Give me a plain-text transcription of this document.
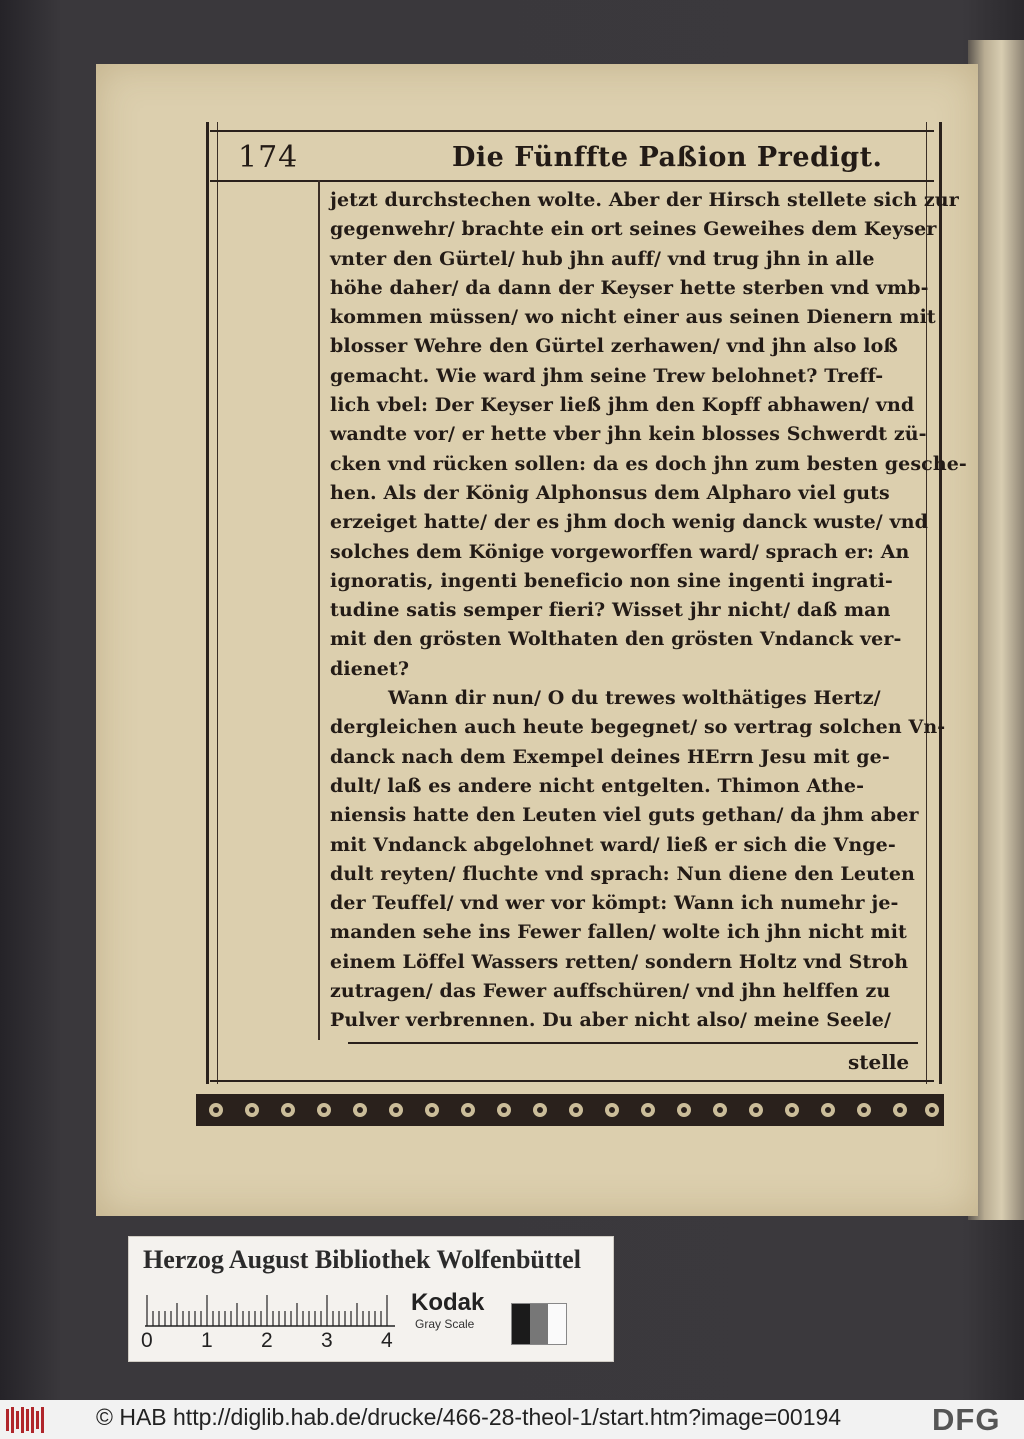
174	Die Fünffte Paßion Predigt.
jetzt durchstechen wolte. Aber der Hirsch stellete sich zur
gegenwehr/ brachte ein ort seines Geweihes dem Keyser
vnter den Gürtel/ hub jhn auff/ vnd trug jhn in alle
höhe daher/ da dann der Keyser hette sterben vnd vmb-
kommen müssen/ wo nicht einer aus seinen Dienern mit
blosser Wehre den Gürtel zerhawen/ vnd jhn also loß
gemacht. Wie ward jhm seine Trew belohnet? Treff-
lich vbel: Der Keyser ließ jhm den Kopff abhawen/ vnd
wandte vor/ er hette vber jhn kein blosses Schwerdt zü-
cken vnd rücken sollen: da es doch jhn zum besten gesche-
hen. Als der König Alphonsus dem Alpharo viel guts
erzeiget hatte/ der es jhm doch wenig danck wuste/ vnd
solches dem Könige vorgeworffen ward/ sprach er: An
ignoratis, ingenti beneficio non sine ingenti ingrati-
tudine satis semper fieri? Wisset jhr nicht/ daß man
mit den grösten Wolthaten den grösten Vndanck ver-
dienet?
Wann dir nun/ O du trewes wolthätiges Hertz/
dergleichen auch heute begegnet/ so vertrag solchen Vn-
danck nach dem Exempel deines HErrn Jesu mit ge-
dult/ laß es andere nicht entgelten. Thimon Athe-
niensis hatte den Leuten viel guts gethan/ da jhm aber
mit Vndanck abgelohnet ward/ ließ er sich die Vnge-
dult reyten/ fluchte vnd sprach: Nun diene den Leuten
der Teuffel/ vnd wer vor kömpt: Wann ich numehr je-
manden sehe ins Fewer fallen/ wolte ich jhn nicht mit
einem Löffel Wassers retten/ sondern Holtz vnd Stroh
zutragen/ das Fewer auffschüren/ vnd jhn helffen zu
Pulver verbrennen. Du aber nicht also/ meine Seele/
stelle
Herzog August Bibliothek Wolfenbüttel
0 1 2 3 4
Kodak
Gray Scale
© HAB http://diglib.hab.de/drucke/466-28-theol-1/start.htm?image=00194	DFG
